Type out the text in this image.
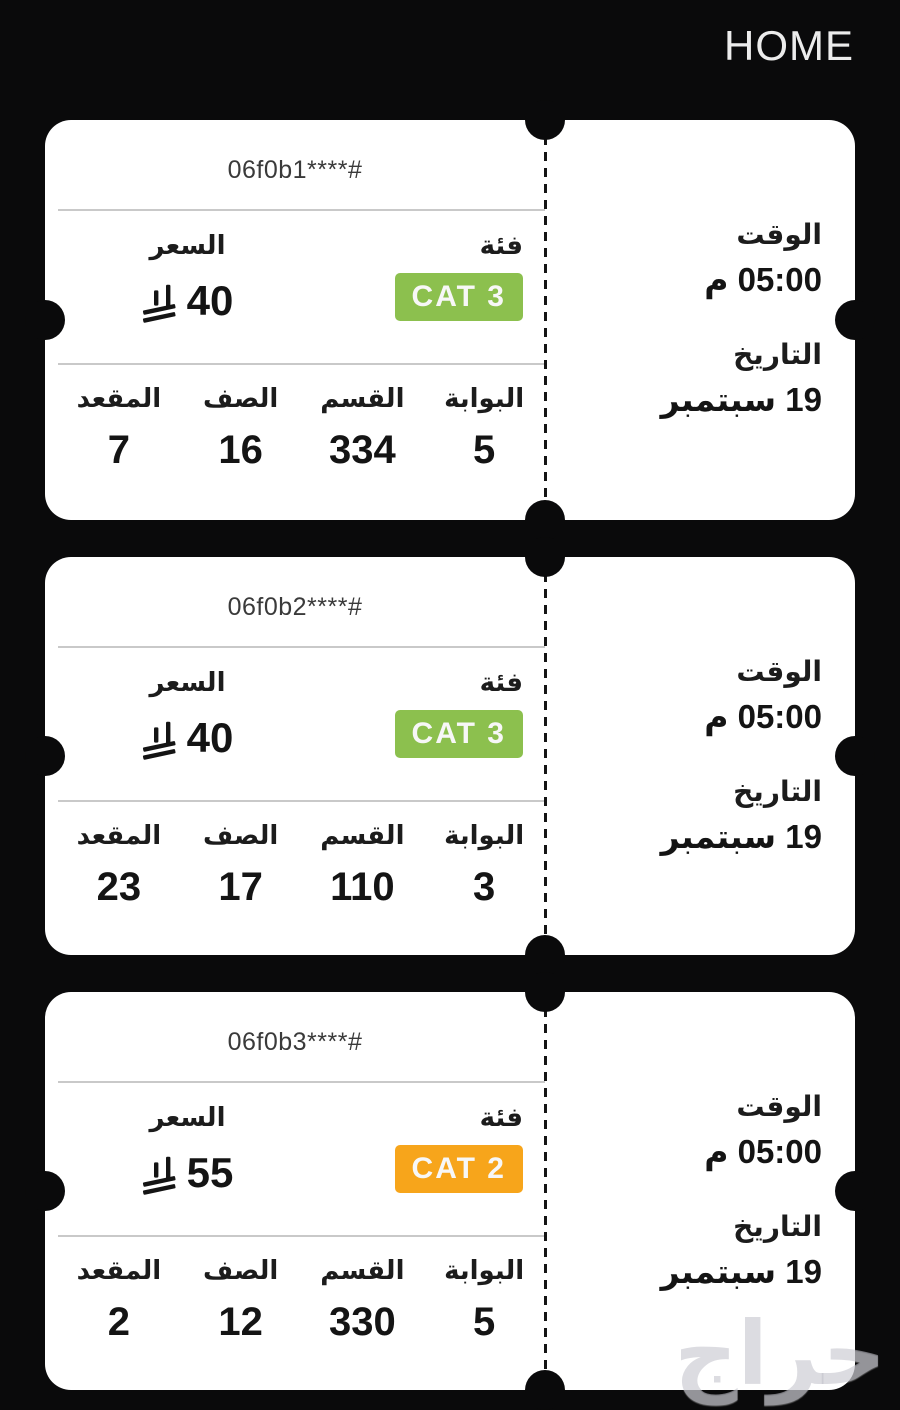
HOME
06f0b1****#
فئة
CAT 3
السعر
40
البوابة
5
القسم
334
الصف
16
المقعد
7
الوقت
05:00 م
التاريخ
19 سبتمبر
06f0b2****#
فئة
CAT 3
السعر
40
البوابة
3
القسم
110
الصف
17
المقعد
23
الوقت
05:00 م
التاريخ
19 سبتمبر
06f0b3****#
فئة
CAT 2
السعر
55
البوابة
5
القسم
330
الصف
12
المقعد
2
الوقت
05:00 م
التاريخ
19 سبتمبر
حراج
